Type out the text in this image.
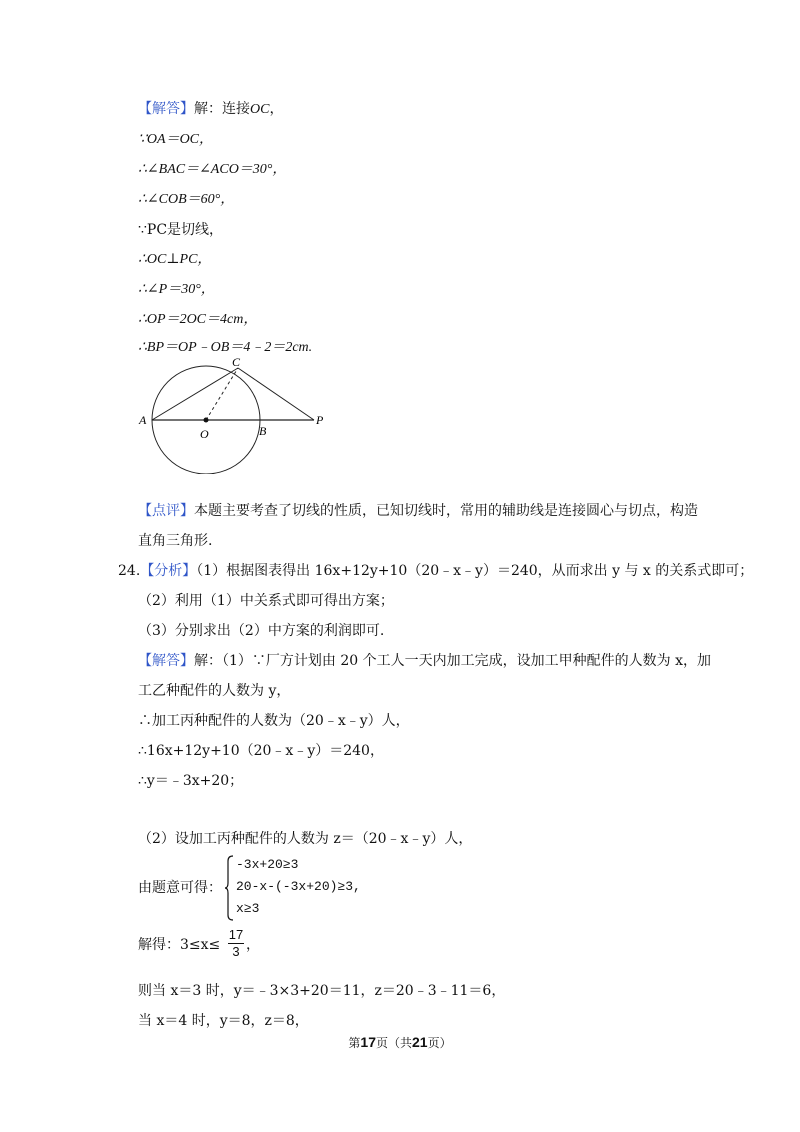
【解答】解：连接OC，
∵OA＝OC，
∴∠BAC＝∠ACO＝30°，
∴∠COB＝60°，
∵PC是切线，
∴OC⊥PC，
∴∠P＝30°，
∴OP＝2OC＝4cm，
∴BP＝OP﹣OB＝4﹣2＝2cm.
A
O	B
C
P
【点评】本题主要考查了切线的性质，已知切线时，常用的辅助线是连接圆心与切点，构造
直角三角形.
24.【分析】（1）根据图表得出 16x+12y+10（20﹣x﹣y）＝240，从而求出 y 与 x 的关系式即可；
（2）利用（1）中关系式即可得出方案；
（3）分别求出（2）中方案的利润即可.
【解答】解：（1）∵厂方计划由 20 个工人一天内加工完成，设加工甲种配件的人数为 x，加
工乙种配件的人数为 y，
∴加工丙种配件的人数为（20﹣x﹣y）人，
∴16x+12y+10（20﹣x﹣y）＝240，
∴y＝﹣3x+20；
（2）设加工丙种配件的人数为 z＝（20﹣x﹣y）人，
由题意可得：
-3x+20≥3
20-x-(-3x+20)≥3,
x≥3
解得：3≤x≤
17
3 ，
则当 x＝3 时，y＝﹣3×3+20＝11，z＝20﹣3﹣11＝6，
当 x＝4 时，y＝8，z＝8，
第17页（共21页）
